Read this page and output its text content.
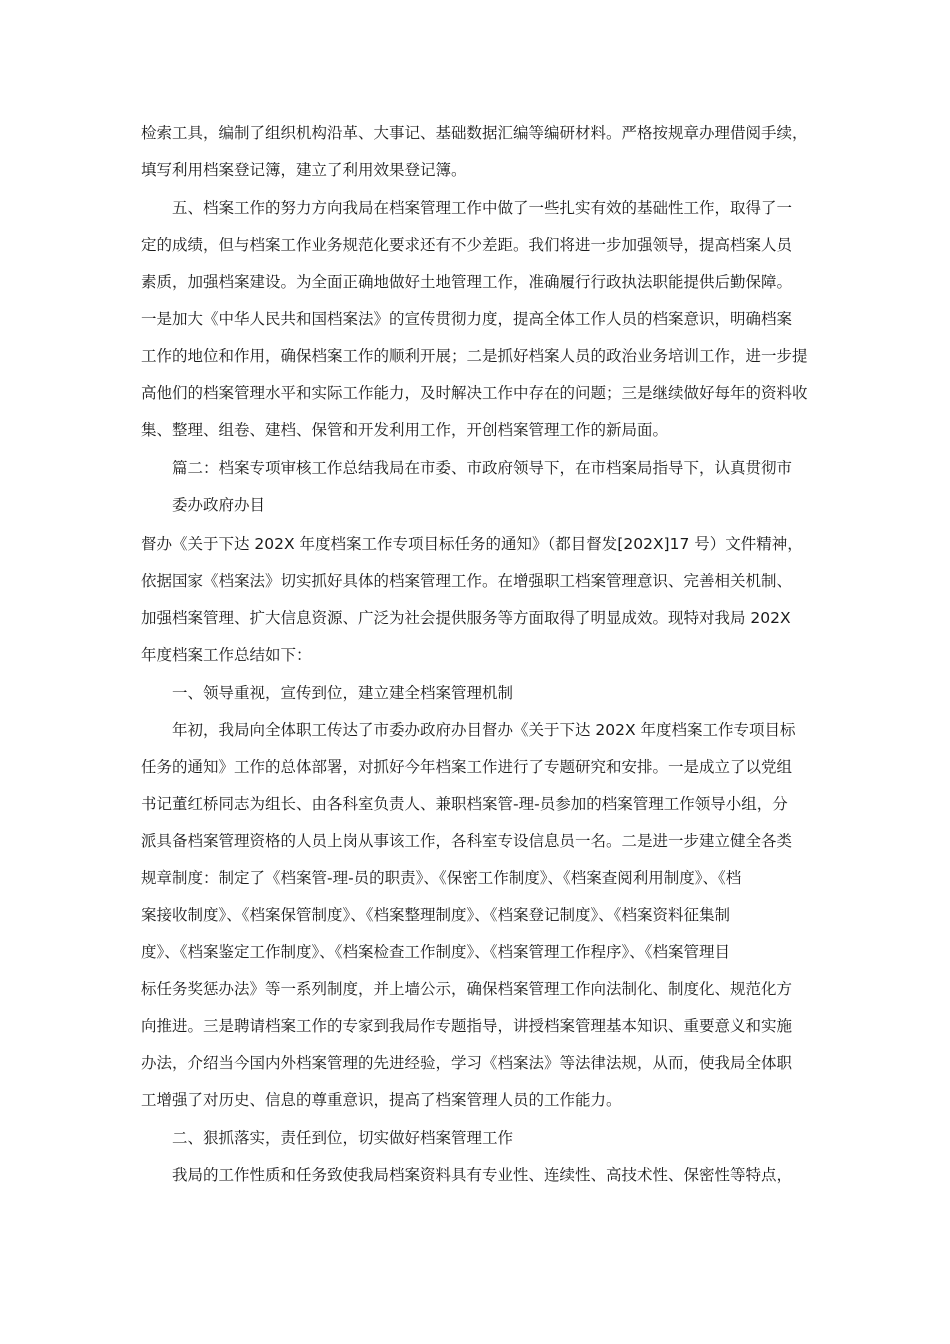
检索工具，编制了组织机构沿革、大事记、基础数据汇编等编研材料。严格按规章办理借阅手续，
填写利用档案登记簿，建立了利用效果登记簿。
五、档案工作的努力方向我局在档案管理工作中做了一些扎实有效的基础性工作，取得了一
定的成绩，但与档案工作业务规范化要求还有不少差距。我们将进一步加强领导，提高档案人员
素质，加强档案建设。为全面正确地做好土地管理工作，准确履行行政执法职能提供后勤保障。
一是加大《中华人民共和国档案法》的宣传贯彻力度，提高全体工作人员的档案意识，明确档案
工作的地位和作用，确保档案工作的顺利开展；二是抓好档案人员的政治业务培训工作，进一步提
高他们的档案管理水平和实际工作能力，及时解决工作中存在的问题；三是继续做好每年的资料收
集、整理、组卷、建档、保管和开发利用工作，开创档案管理工作的新局面。
篇二：档案专项审核工作总结我局在市委、市政府领导下，在市档案局指导下，认真贯彻市
委办政府办目
督办《关于下达 202X 年度档案工作专项目标任务的通知》（都目督发[202X]17 号）文件精神，
依据国家《档案法》切实抓好具体的档案管理工作。在增强职工档案管理意识、完善相关机制、
加强档案管理、扩大信息资源、广泛为社会提供服务等方面取得了明显成效。现特对我局 202X
年度档案工作总结如下：
一、领导重视，宣传到位，建立建全档案管理机制
年初，我局向全体职工传达了市委办政府办目督办《关于下达 202X 年度档案工作专项目标
任务的通知》工作的总体部署，对抓好今年档案工作进行了专题研究和安排。一是成立了以党组
书记董红桥同志为组长、由各科室负责人、兼职档案管-理-员参加的档案管理工作领导小组，分
派具备档案管理资格的人员上岗从事该工作，各科室专设信息员一名。二是进一步建立健全各类
规章制度：制定了《档案管-理-员的职责》、《保密工作制度》、《档案查阅利用制度》、《档
案接收制度》、《档案保管制度》、《档案整理制度》、《档案登记制度》、《档案资料征集制
度》、《档案鉴定工作制度》、《档案检查工作制度》、《档案管理工作程序》、《档案管理目
标任务奖惩办法》等一系列制度，并上墙公示，确保档案管理工作向法制化、制度化、规范化方
向推进。三是聘请档案工作的专家到我局作专题指导，讲授档案管理基本知识、重要意义和实施
办法，介绍当今国内外档案管理的先进经验，学习《档案法》等法律法规，从而，使我局全体职
工增强了对历史、信息的尊重意识，提高了档案管理人员的工作能力。
二、狠抓落实，责任到位，切实做好档案管理工作
我局的工作性质和任务致使我局档案资料具有专业性、连续性、高技术性、保密性等特点，
